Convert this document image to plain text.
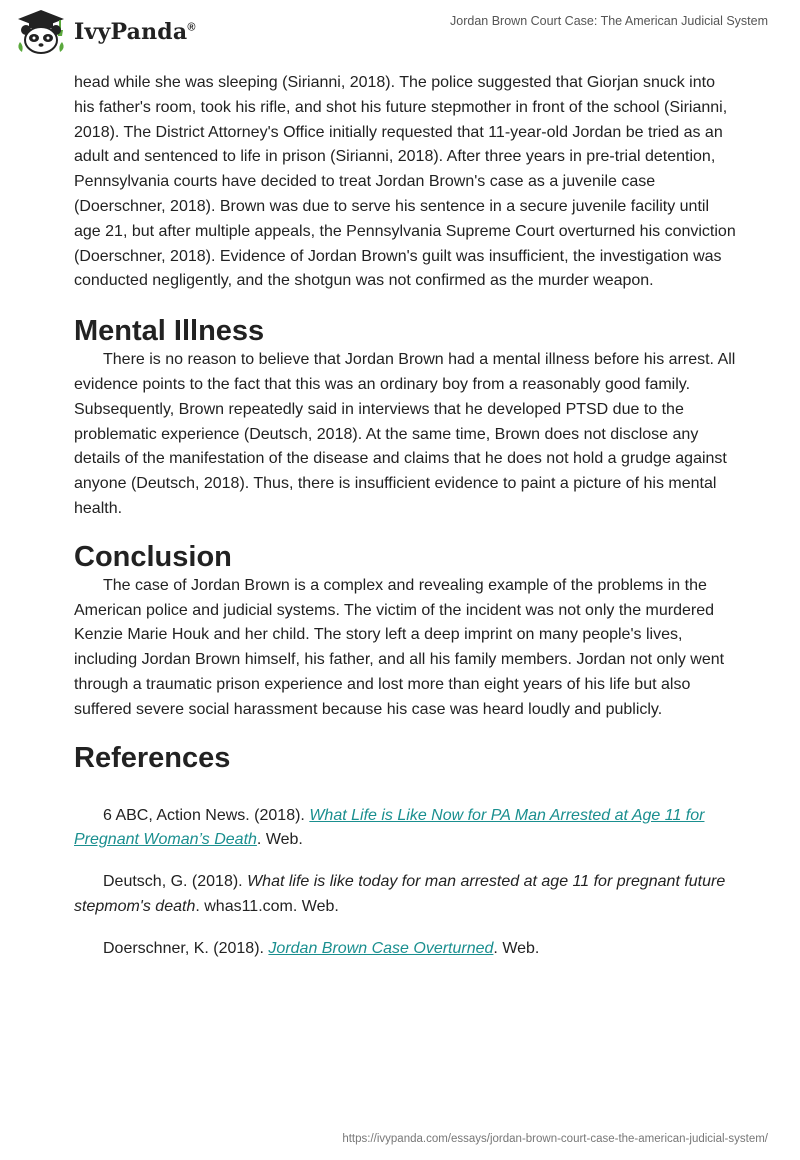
IvyPanda®	Jordan Brown Court Case: The American Judicial System

head while she was sleeping (Sirianni, 2018). The police suggested that Giorjan snuck into his father's room, took his rifle, and shot his future stepmother in front of the school (Sirianni, 2018). The District Attorney's Office initially requested that 11-year-old Jordan be tried as an adult and sentenced to life in prison (Sirianni, 2018). After three years in pre-trial detention, Pennsylvania courts have decided to treat Jordan Brown's case as a juvenile case (Doerschner, 2018). Brown was due to serve his sentence in a secure juvenile facility until age 21, but after multiple appeals, the Pennsylvania Supreme Court overturned his conviction (Doerschner, 2018). Evidence of Jordan Brown's guilt was insufficient, the investigation was conducted negligently, and the shotgun was not confirmed as the murder weapon.

Mental Illness

There is no reason to believe that Jordan Brown had a mental illness before his arrest. All evidence points to the fact that this was an ordinary boy from a reasonably good family. Subsequently, Brown repeatedly said in interviews that he developed PTSD due to the problematic experience (Deutsch, 2018). At the same time, Brown does not disclose any details of the manifestation of the disease and claims that he does not hold a grudge against anyone (Deutsch, 2018). Thus, there is insufficient evidence to paint a picture of his mental health.

Conclusion

The case of Jordan Brown is a complex and revealing example of the problems in the American police and judicial systems. The victim of the incident was not only the murdered Kenzie Marie Houk and her child. The story left a deep imprint on many people's lives, including Jordan Brown himself, his father, and all his family members. Jordan not only went through a traumatic prison experience and lost more than eight years of his life but also suffered severe social harassment because his case was heard loudly and publicly.

References

6 ABC, Action News. (2018). What Life is Like Now for PA Man Arrested at Age 11 for Pregnant Woman’s Death. Web.

Deutsch, G. (2018). What life is like today for man arrested at age 11 for pregnant future stepmom's death. whas11.com. Web.

Doerschner, K. (2018). Jordan Brown Case Overturned. Web.

https://ivypanda.com/essays/jordan-brown-court-case-the-american-judicial-system/
